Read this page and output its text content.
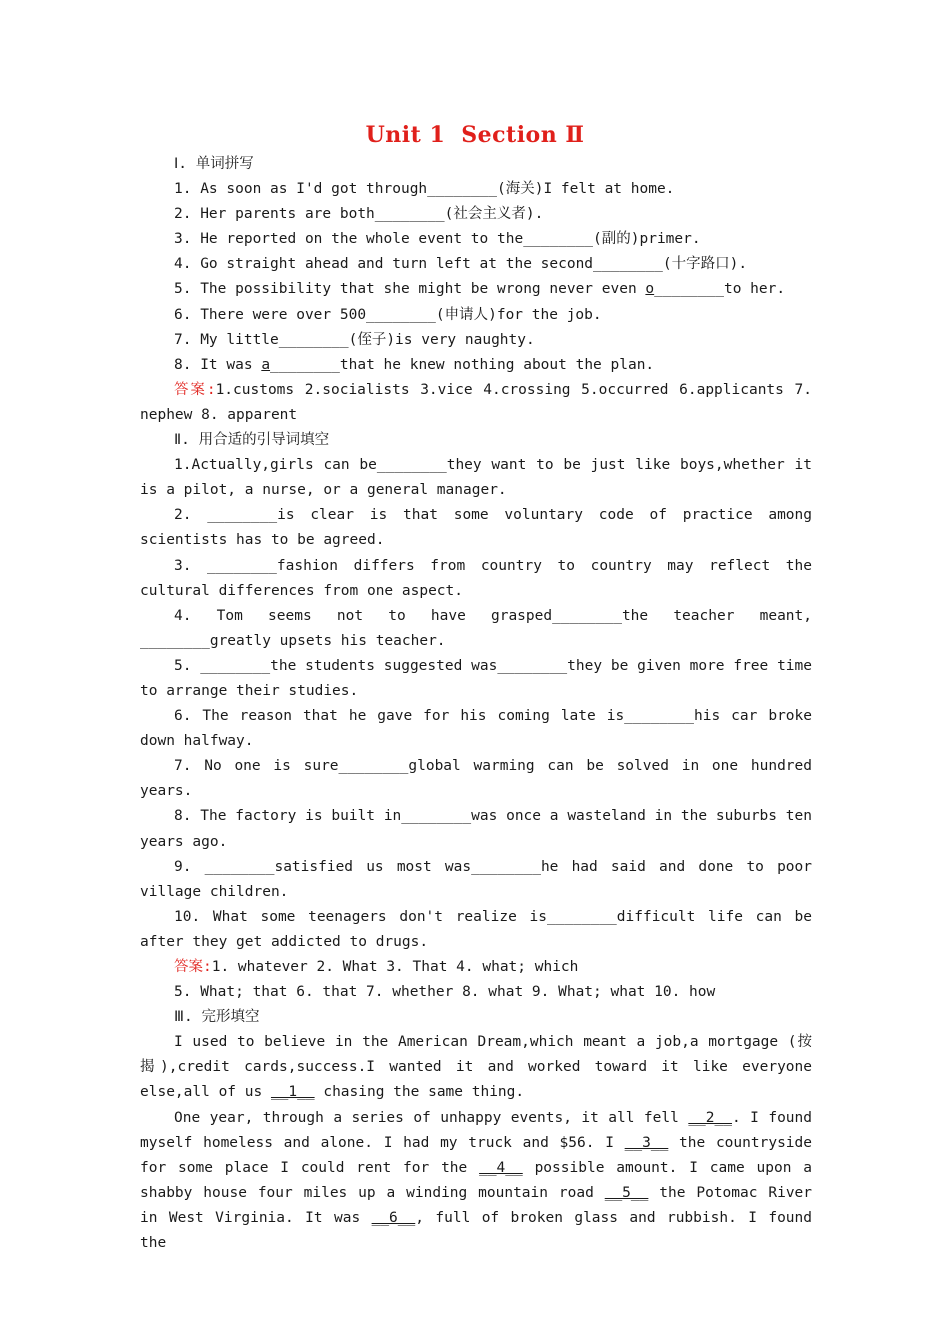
Unit 1 Section Ⅱ

Ⅰ. 单词拼写

1. As soon as I'd got through________(海关)I felt at home.

2. Her parents are both________(社会主义者).

3. He reported on the whole event to the________(副的)primer.

4. Go straight ahead and turn left at the second________(十字路口).

5. The possibility that she might be wrong never even o________to her.

6. There were over 500________(申请人)for the job.

7. My little________(侄子)is very naughty.

8. It was a________that he knew nothing about the plan.

答案:1.customs 2.socialists 3.vice 4.crossing 5.occurred 6.applicants 7. nephew 8. apparent

Ⅱ. 用合适的引导词填空

1.Actually,girls can be________they want to be just like boys,whether it is a pilot, a nurse, or a general manager.

2. ________is clear is that some voluntary code of practice among scientists has to be agreed.

3. ________fashion differs from country to country may reflect the cultural differences from one aspect.

4. Tom seems not to have grasped________the teacher meant, ________greatly upsets his teacher.

5. ________the students suggested was________they be given more free time to arrange their studies.

6. The reason that he gave for his coming late is________his car broke down halfway.

7. No one is sure________global warming can be solved in one hundred years.

8. The factory is built in________was once a wasteland in the suburbs ten years ago.

9. ________satisfied us most was________he had said and done to poor village children.

10. What some teenagers don't realize is________difficult life can be after they get addicted to drugs.

答案:1. whatever 2. What 3. That 4. what; which

5. What; that 6. that 7. whether 8. what 9. What; what 10. how

Ⅲ. 完形填空

I used to believe in the American Dream,which meant a job,a mortgage (按揭),credit cards,success.I wanted it and worked toward it like everyone else,all of us __1__ chasing the same thing.

One year, through a series of unhappy events, it all fell __2__. I found myself homeless and alone. I had my truck and $56. I __3__ the countryside for some place I could rent for the __4__ possible amount. I came upon a shabby house four miles up a winding mountain road __5__ the Potomac River in West Virginia. It was __6__, full of broken glass and rubbish. I found the
